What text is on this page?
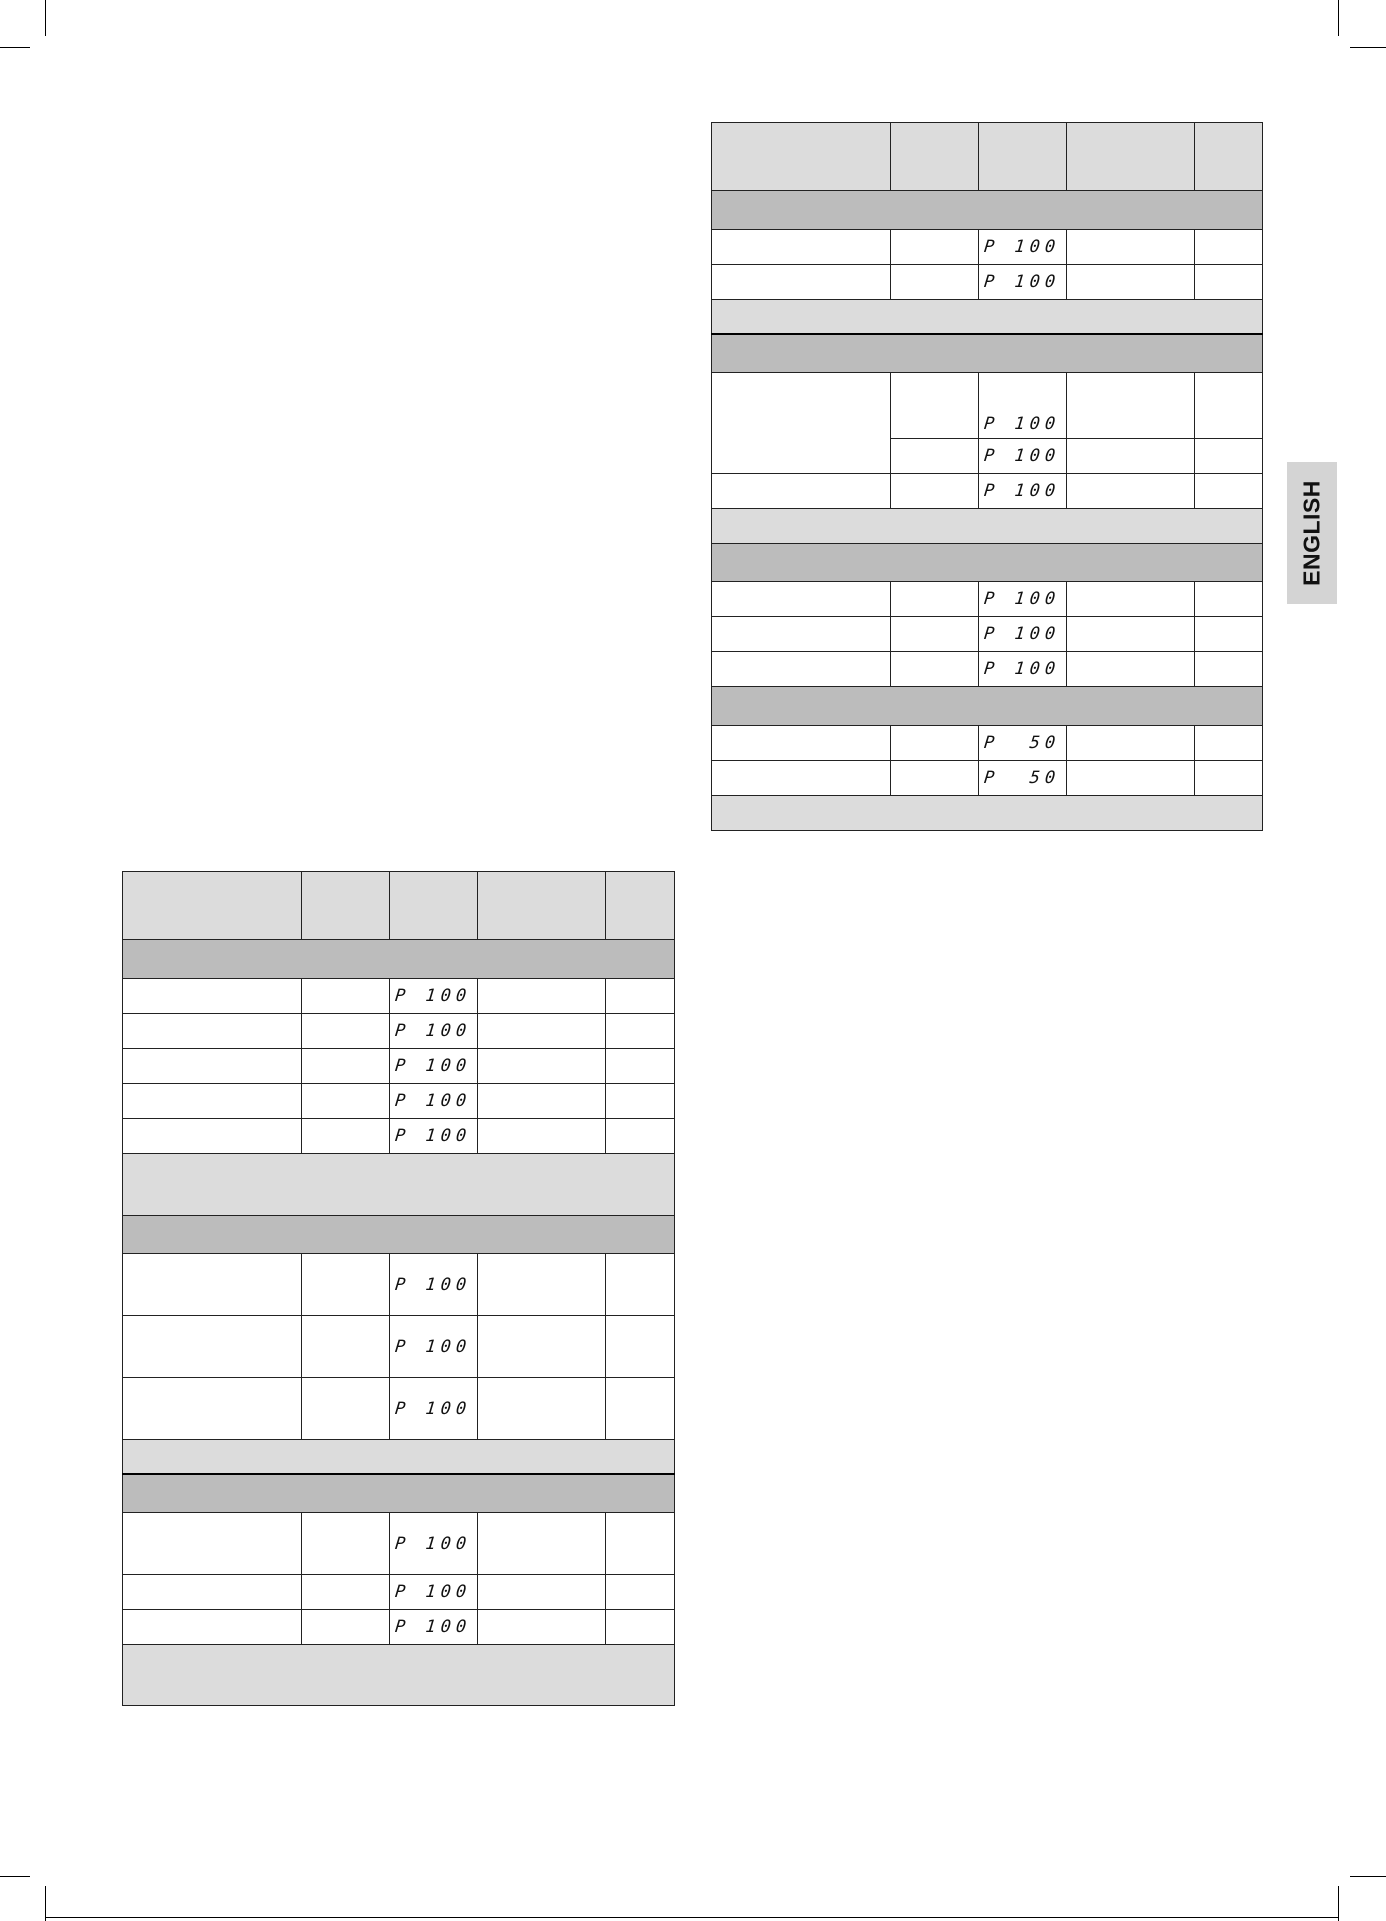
		P 100		
		P 100		

		P 100		
		P 100		
		P 100		

		P 100		
		P 100		
		P 100		

		P  50		
		P  50		

		P 100		
		P 100		
		P 100		
		P 100		
		P 100		

		P 100		
		P 100		
		P 100		

		P 100		
		P 100		
		P 100		

ENGLISH
